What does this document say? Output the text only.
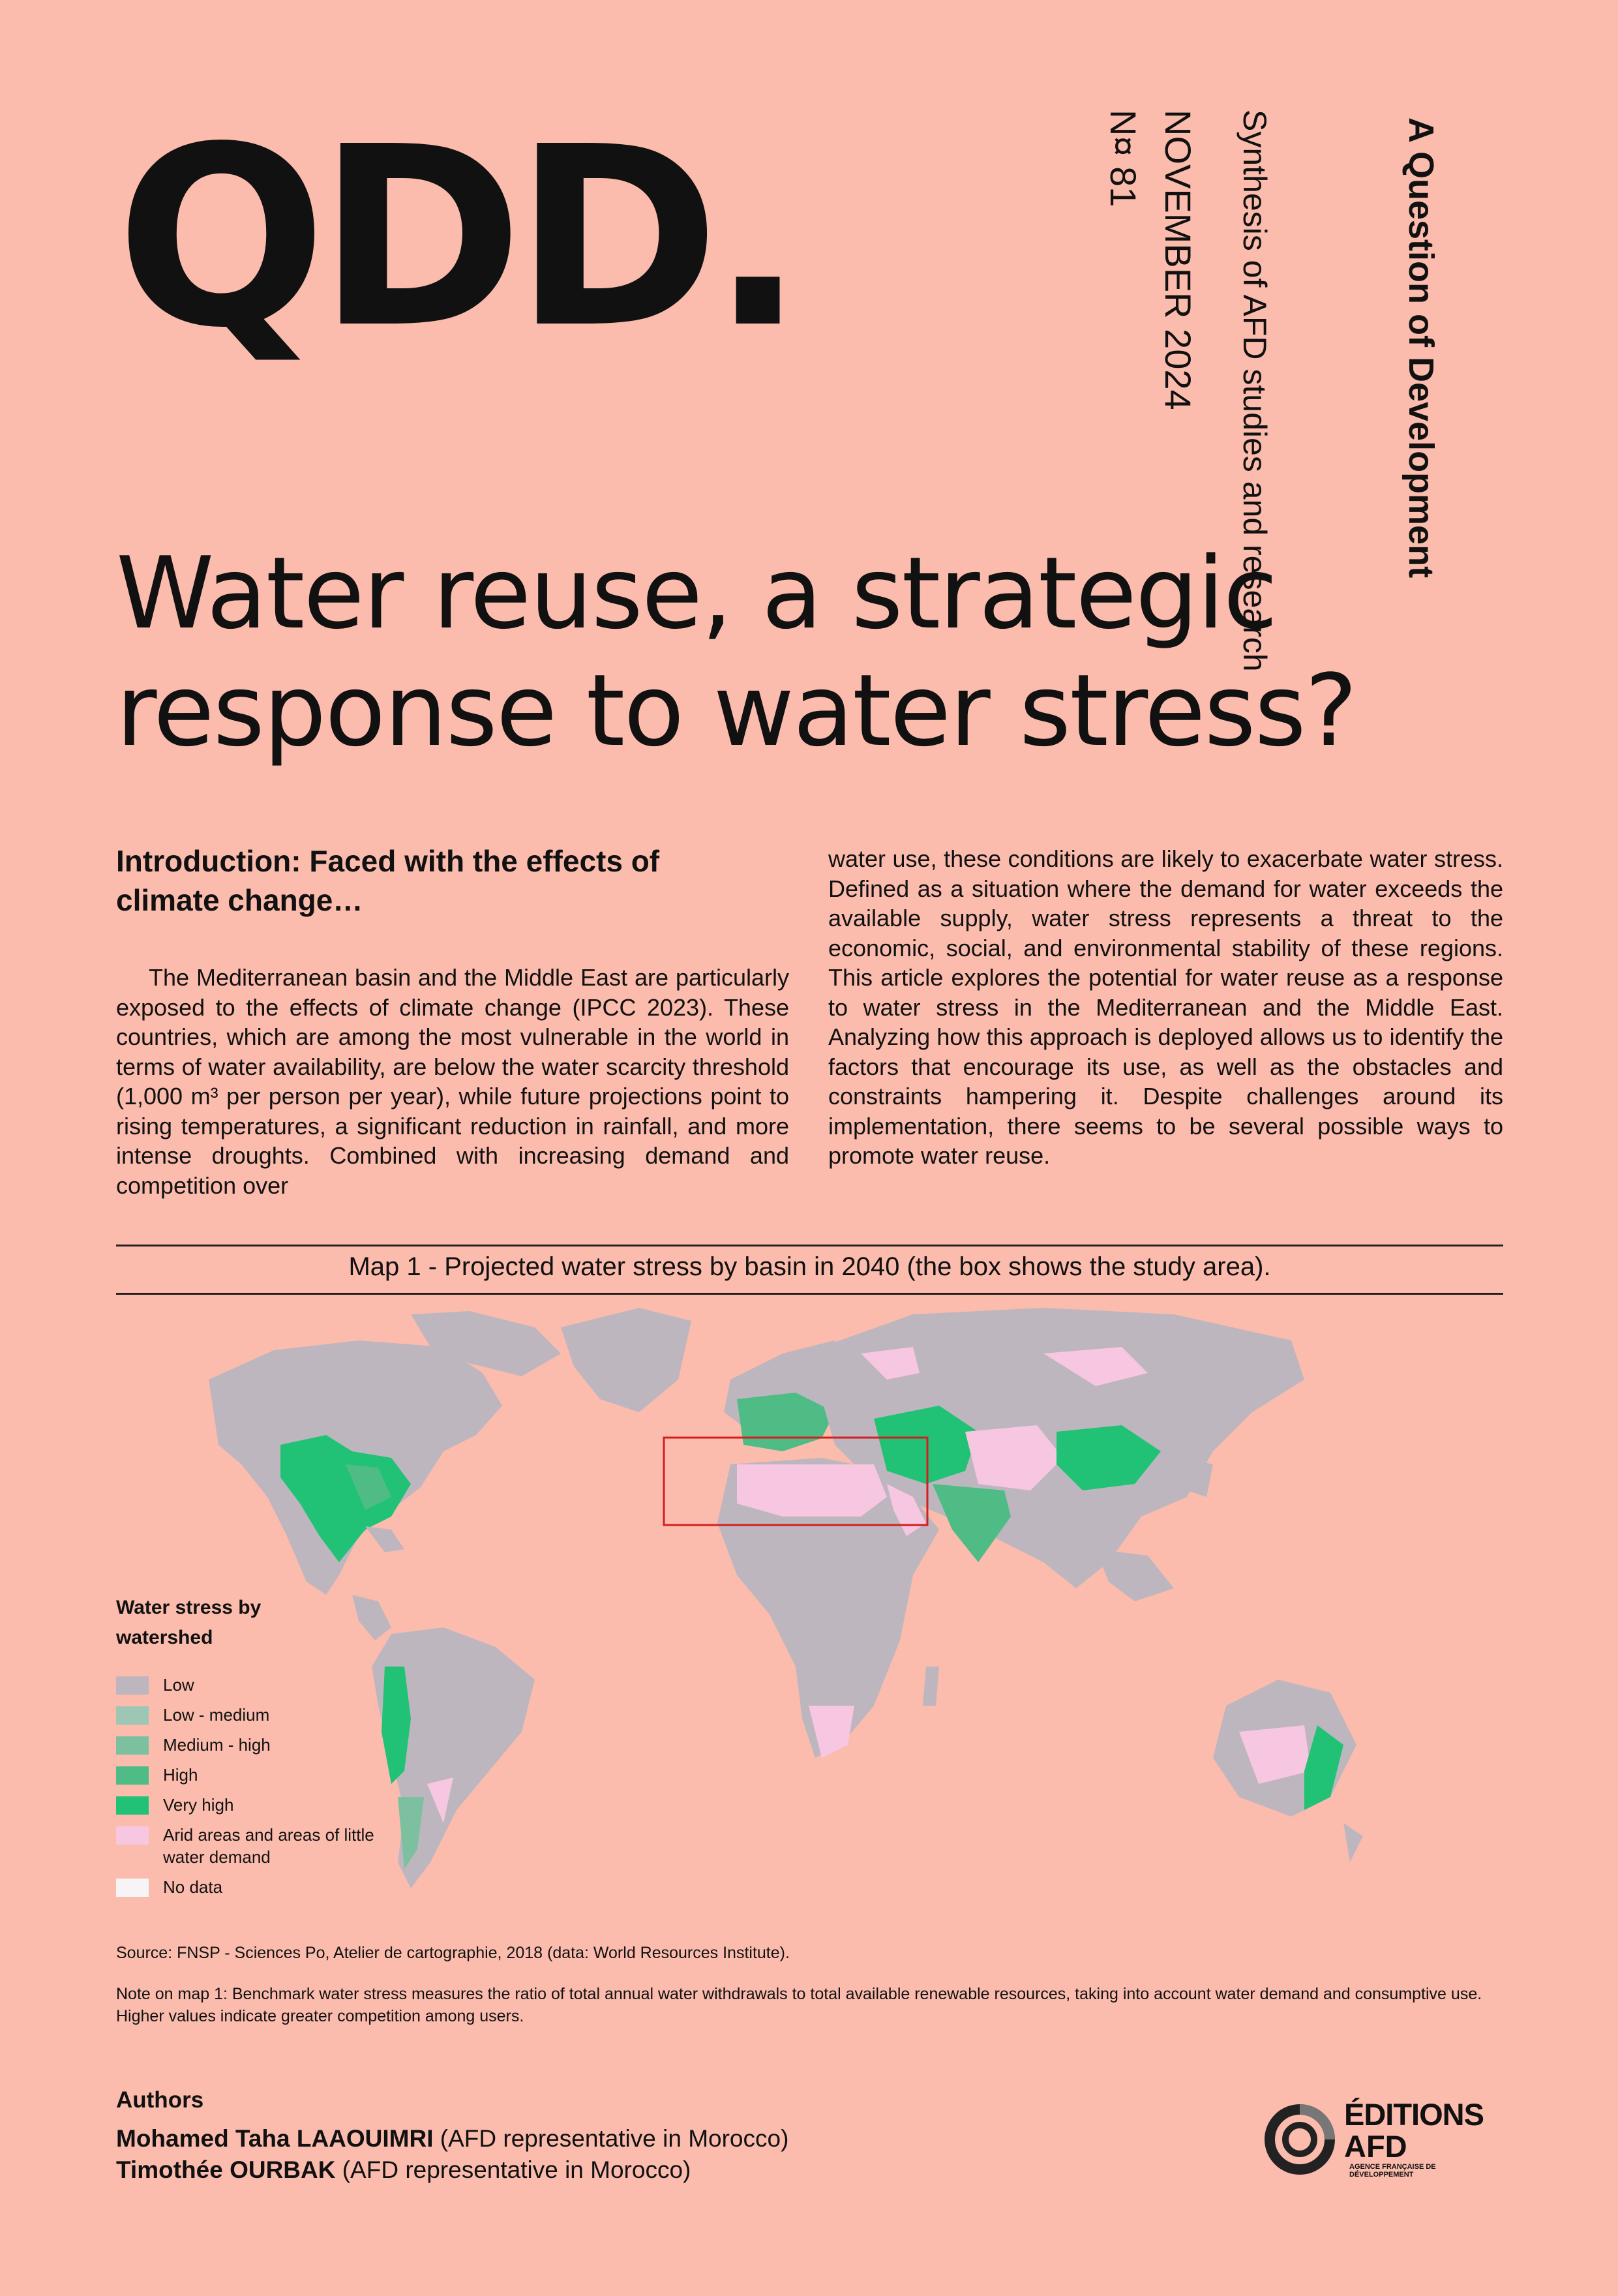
QDD.	A Question of Development
Synthesis of AFD studies and research
NOVEMBER 2024
N¤ 81
Water reuse, a strategic response to water stress?
Introduction: Faced with the effects of climate change…

The Mediterranean basin and the Middle East are particularly exposed to the effects of climate change (IPCC 2023). These countries, which are among the most vulnerable in the world in terms of water availability, are below the water scarcity threshold (1,000 m³ per person per year), while future projections point to rising temperatures, a significant reduction in rainfall, and more intense droughts. Combined with increasing demand and competition over

water use, these conditions are likely to exacerbate water stress. Defined as a situation where the demand for water exceeds the available supply, water stress represents a threat to the economic, social, and environmental stability of these regions. This article explores the potential for water reuse as a response to water stress in the Mediterranean and the Middle East. Analyzing how this approach is deployed allows us to identify the factors that encourage its use, as well as the obstacles and constraints hampering it. Despite challenges around its implementation, there seems to be several possible ways to promote water reuse.

Map 1 - Projected water stress by basin in 2040 (the box shows the study area).
Water stress by watershed
Low
Low - medium
Medium - high
High
Very high
Arid areas and areas of little water demand
No data
Source: FNSP - Sciences Po, Atelier de cartographie, 2018 (data: World Resources Institute).
Note on map 1: Benchmark water stress measures the ratio of total annual water withdrawals to total available renewable resources, taking into account water demand and consumptive use. Higher values indicate greater competition among users.
Authors
Mohamed Taha LAAOUIMRI (AFD representative in Morocco)
Timothée OURBAK (AFD representative in Morocco)
ÉDITIONS
AFDAGENCE FRANÇAISE DE DÉVELOPPEMENT
